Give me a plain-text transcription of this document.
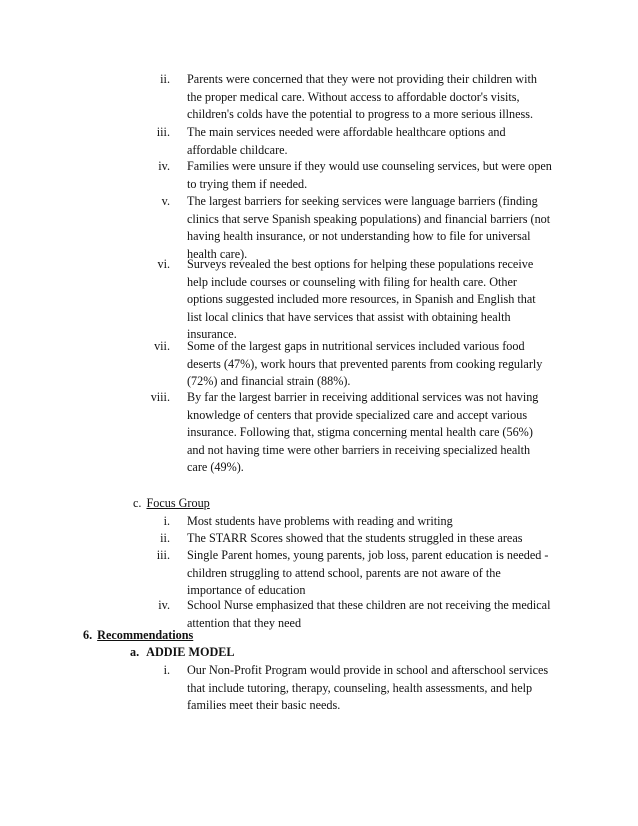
ii. Parents were concerned that they were not providing their children with
the proper medical care. Without access to affordable doctor's visits,
children's colds have the potential to progress to a more serious illness.
iii. The main services needed were affordable healthcare options and
affordable childcare.
iv. Families were unsure if they would use counseling services, but were open
to trying them if needed.
v. The largest barriers for seeking services were language barriers (finding
clinics that serve Spanish speaking populations) and financial barriers (not
having health insurance, or not understanding how to file for universal
health care).
vi. Surveys revealed the best options for helping these populations receive
help include courses or counseling with filing for health care. Other
options suggested included more resources, in Spanish and English that
list local clinics that have services that assist with obtaining health
insurance.
vii. Some of the largest gaps in nutritional services included various food
deserts (47%), work hours that prevented parents from cooking regularly
(72%) and financial strain (88%).
viii. By far the largest barrier in receiving additional services was not having
knowledge of centers that provide specialized care and accept various
insurance. Following that, stigma concerning mental health care (56%)
and not having time were other barriers in receiving specialized health
care (49%).
c. Focus Group
i. Most students have problems with reading and writing
ii. The STARR Scores showed that the students struggled in these areas
iii. Single Parent homes, young parents, job loss, parent education is needed -
children struggling to attend school, parents are not aware of the
importance of education
iv. School Nurse emphasized that these children are not receiving the medical
attention that they need
6. Recommendations
a. ADDIE MODEL
i. Our Non-Profit Program would provide in school and afterschool services
that include tutoring, therapy, counseling, health assessments, and help
families meet their basic needs.
